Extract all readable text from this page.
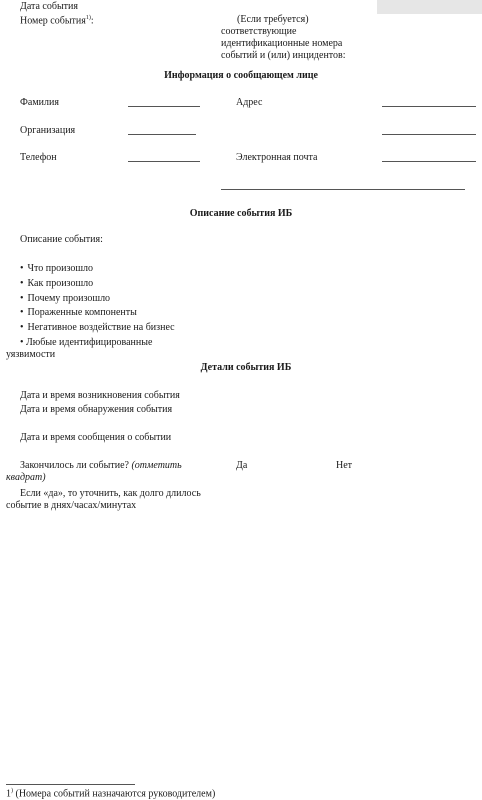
Дата события
Номер события$^{1)}$:	(Если требуется) соответствующие идентификационные номера событий и (или) инцидентов:
Информация о сообщающем лице
Фамилия	Адрес
Организация
Телефон	Электронная почта
Описание события ИБ
Описание события:
• Что произошло
• Как произошло
• Почему произошло
• Пораженные компоненты
• Негативное воздействие на бизнес
• Любые идентифицированные уязвимости
Детали события ИБ
Дата и время возникновения события
Дата и время обнаружения события
Дата и время сообщения о событии
Закончилось ли событие? (отметить квадрат)
Да	Нет
Если «да», то уточнить, как долго длилось событие в днях/часах/минутах
1) (Номера событий назначаются руководителем)
